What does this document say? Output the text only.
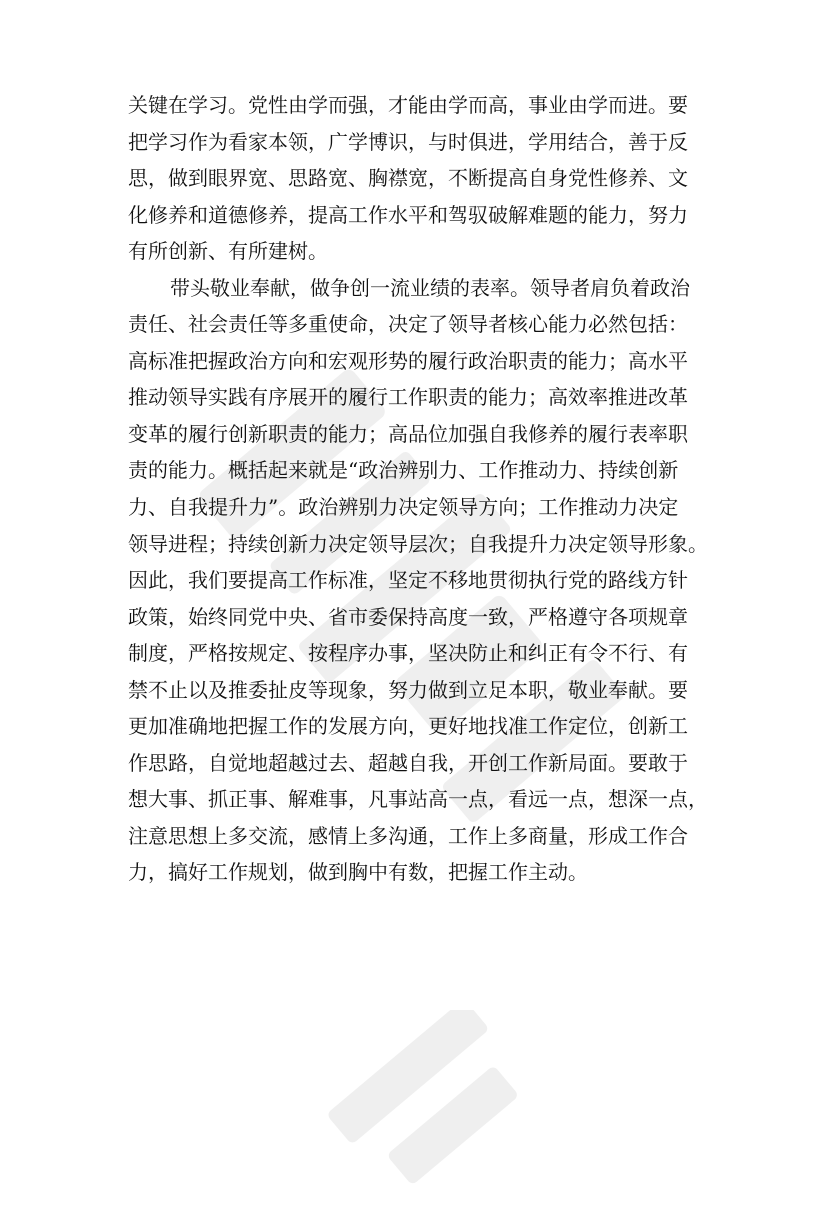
关键在学习。党性由学而强，才能由学而高，事业由学而进。要
把学习作为看家本领，广学博识，与时俱进，学用结合，善于反
思，做到眼界宽、思路宽、胸襟宽，不断提高自身党性修养、文
化修养和道德修养，提高工作水平和驾驭破解难题的能力，努力
有所创新、有所建树。
带头敬业奉献，做争创一流业绩的表率。领导者肩负着政治
责任、社会责任等多重使命，决定了领导者核心能力必然包括：
高标准把握政治方向和宏观形势的履行政治职责的能力；高水平
推动领导实践有序展开的履行工作职责的能力；高效率推进改革
变革的履行创新职责的能力；高品位加强自我修养的履行表率职
责的能力。概括起来就是“政治辨别力、工作推动力、持续创新
力、自我提升力”。政治辨别力决定领导方向；工作推动力决定
领导进程；持续创新力决定领导层次；自我提升力决定领导形象。
因此，我们要提高工作标准，坚定不移地贯彻执行党的路线方针
政策，始终同党中央、省市委保持高度一致，严格遵守各项规章
制度，严格按规定、按程序办事，坚决防止和纠正有令不行、有
禁不止以及推委扯皮等现象，努力做到立足本职，敬业奉献。要
更加准确地把握工作的发展方向，更好地找准工作定位，创新工
作思路，自觉地超越过去、超越自我，开创工作新局面。要敢于
想大事、抓正事、解难事，凡事站高一点，看远一点，想深一点，
注意思想上多交流，感情上多沟通，工作上多商量，形成工作合
力，搞好工作规划，做到胸中有数，把握工作主动。
